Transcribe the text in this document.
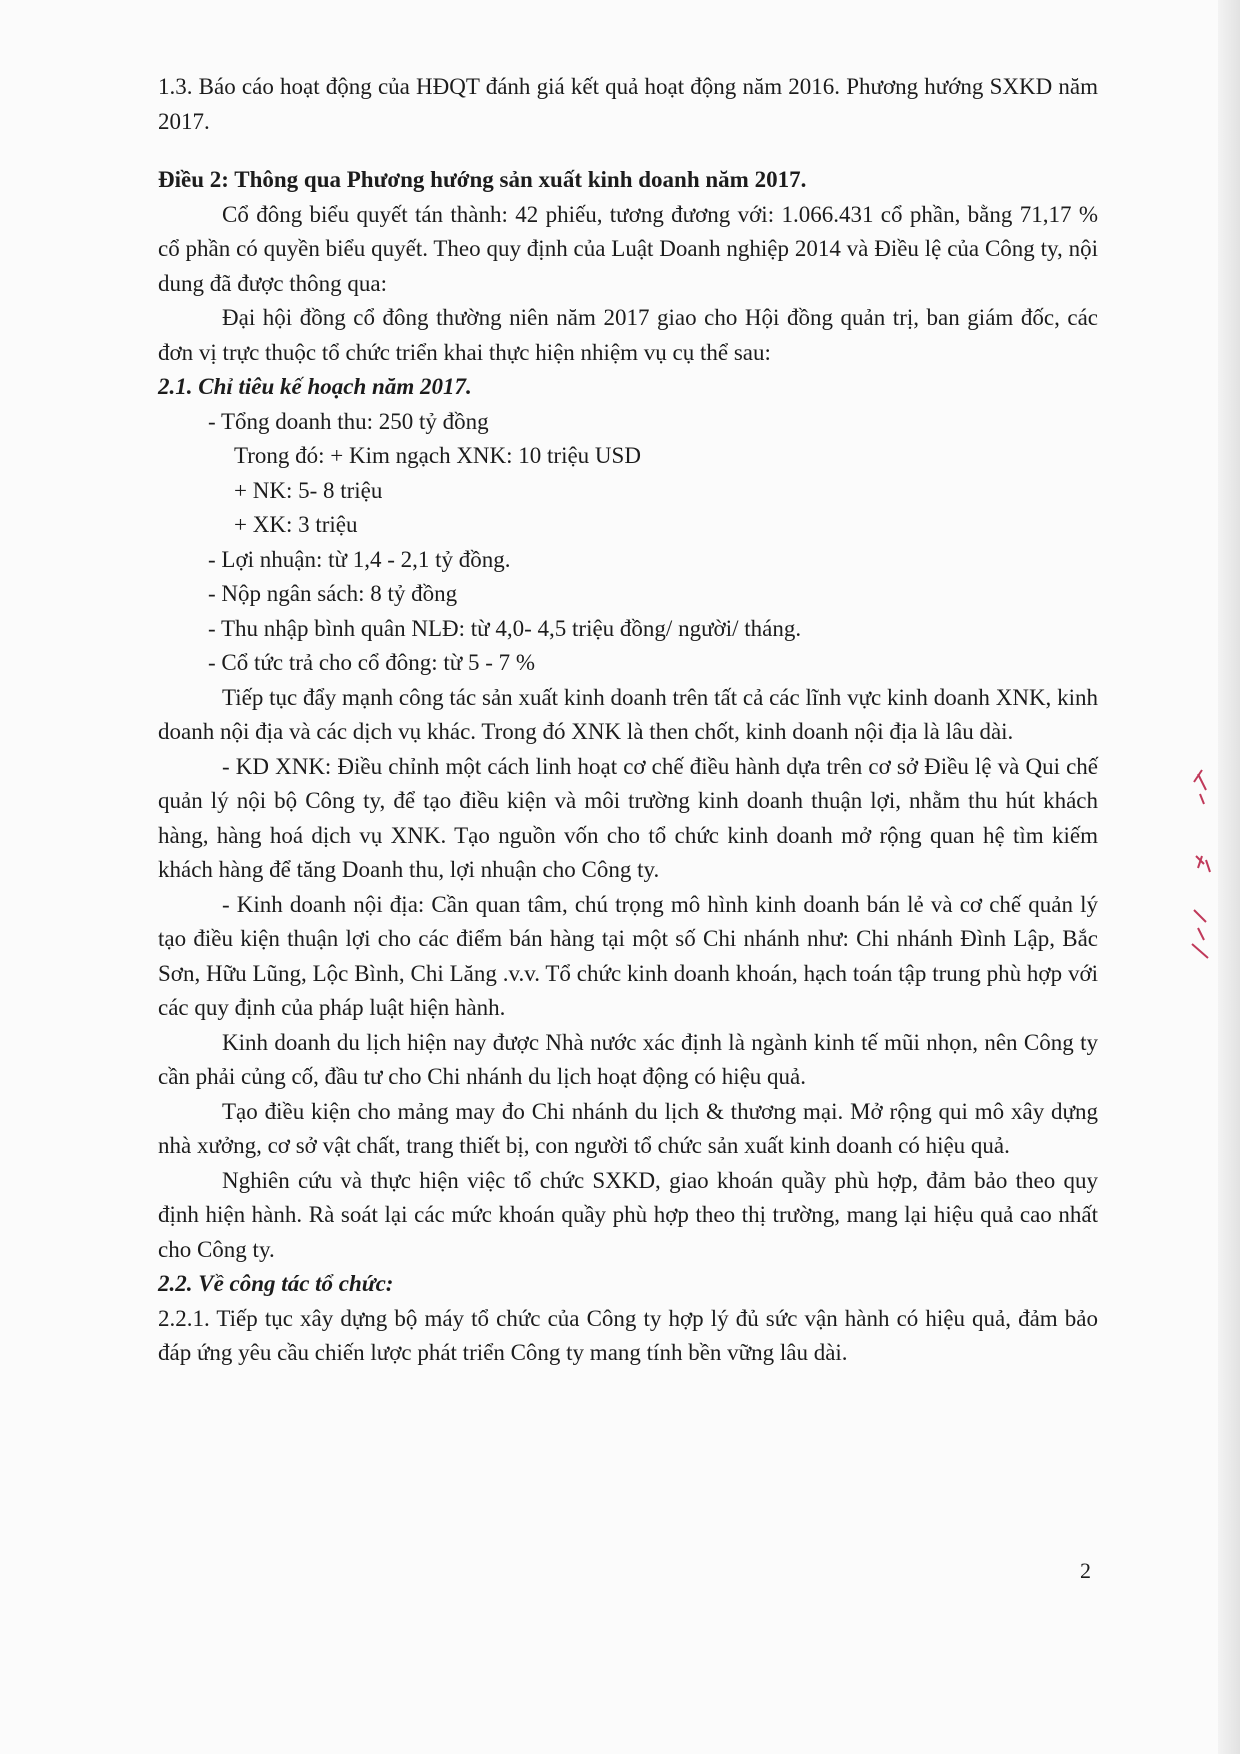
1.3. Báo cáo hoạt động của HĐQT đánh giá kết quả hoạt động năm 2016. Phương hướng SXKD năm 2017.

Điều 2: Thông qua Phương hướng sản xuất kinh doanh năm 2017.

Cổ đông biểu quyết tán thành: 42 phiếu, tương đương với: 1.066.431 cổ phần, bằng 71,17 % cổ phần có quyền biểu quyết. Theo quy định của Luật Doanh nghiệp 2014 và Điều lệ của Công ty, nội dung đã được thông qua:

Đại hội đồng cổ đông thường niên năm 2017 giao cho Hội đồng quản trị, ban giám đốc, các đơn vị trực thuộc tổ chức triển khai thực hiện nhiệm vụ cụ thể sau:

2.1. Chỉ tiêu kế hoạch năm 2017.

- Tổng doanh thu: 250 tỷ đồng

Trong đó: + Kim ngạch XNK: 10 triệu USD

+ NK: 5- 8 triệu

+ XK: 3 triệu

- Lợi nhuận: từ 1,4 - 2,1 tỷ đồng.

- Nộp ngân sách: 8 tỷ đồng

- Thu nhập bình quân NLĐ: từ 4,0- 4,5 triệu đồng/ người/ tháng.

- Cổ tức trả cho cổ đông: từ 5 - 7 %

Tiếp tục đẩy mạnh công tác sản xuất kinh doanh trên tất cả các lĩnh vực kinh doanh XNK, kinh doanh nội địa và các dịch vụ khác. Trong đó XNK là then chốt, kinh doanh nội địa là lâu dài.

- KD XNK: Điều chỉnh một cách linh hoạt cơ chế điều hành dựa trên cơ sở Điều lệ và Qui chế quản lý nội bộ Công ty, để tạo điều kiện và môi trường kinh doanh thuận lợi, nhằm thu hút khách hàng, hàng hoá dịch vụ XNK. Tạo nguồn vốn cho tổ chức kinh doanh mở rộng quan hệ tìm kiếm khách hàng để tăng Doanh thu, lợi nhuận cho Công ty.

- Kinh doanh nội địa: Cần quan tâm, chú trọng mô hình kinh doanh bán lẻ và cơ chế quản lý tạo điều kiện thuận lợi cho các điểm bán hàng tại một số Chi nhánh như: Chi nhánh Đình Lập, Bắc Sơn, Hữu Lũng, Lộc Bình, Chi Lăng .v.v. Tổ chức kinh doanh khoán, hạch toán tập trung phù hợp với các quy định của pháp luật hiện hành.

Kinh doanh du lịch hiện nay được Nhà nước xác định là ngành kinh tế mũi nhọn, nên Công ty cần phải củng cố, đầu tư cho Chi nhánh du lịch hoạt động có hiệu quả.

Tạo điều kiện cho mảng may đo Chi nhánh du lịch & thương mại. Mở rộng qui mô xây dựng nhà xưởng, cơ sở vật chất, trang thiết bị, con người tổ chức sản xuất kinh doanh có hiệu quả.

Nghiên cứu và thực hiện việc tổ chức SXKD, giao khoán quầy phù hợp, đảm bảo theo quy định hiện hành. Rà soát lại các mức khoán quầy phù hợp theo thị trường, mang lại hiệu quả cao nhất cho Công ty.

2.2. Về công tác tổ chức:

2.2.1. Tiếp tục xây dựng bộ máy tổ chức của Công ty hợp lý đủ sức vận hành có hiệu quả, đảm bảo đáp ứng yêu cầu chiến lược phát triển Công ty mang tính bền vững lâu dài.

2
